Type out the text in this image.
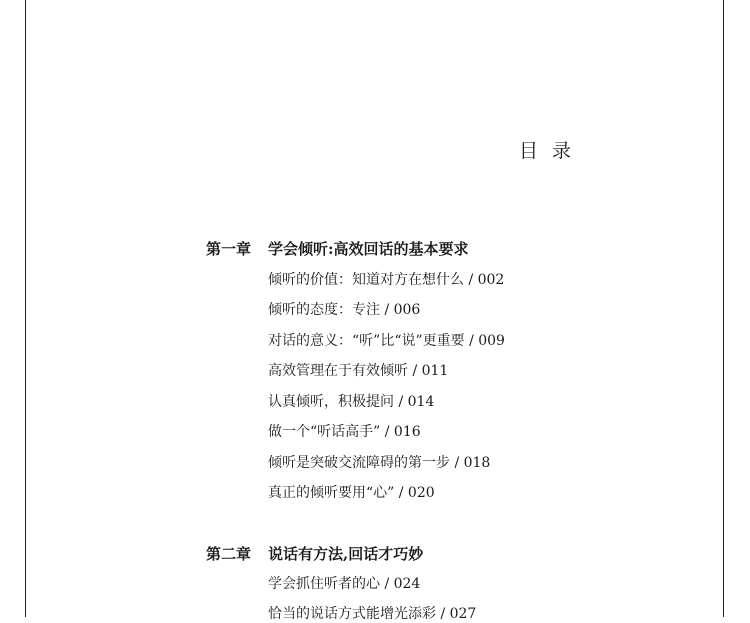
目录
第一章 学会倾听:高效回话的基本要求
倾听的价值：知道对方在想什么 / 002
倾听的态度：专注 / 006
对话的意义：“听”比“说”更重要 / 009
高效管理在于有效倾听 / 011
认真倾听，积极提问 / 014
做一个“听话高手” / 016
倾听是突破交流障碍的第一步 / 018
真正的倾听要用“心” / 020
第二章 说话有方法,回话才巧妙
学会抓住听者的心 / 024
恰当的说话方式能增光添彩 / 027
